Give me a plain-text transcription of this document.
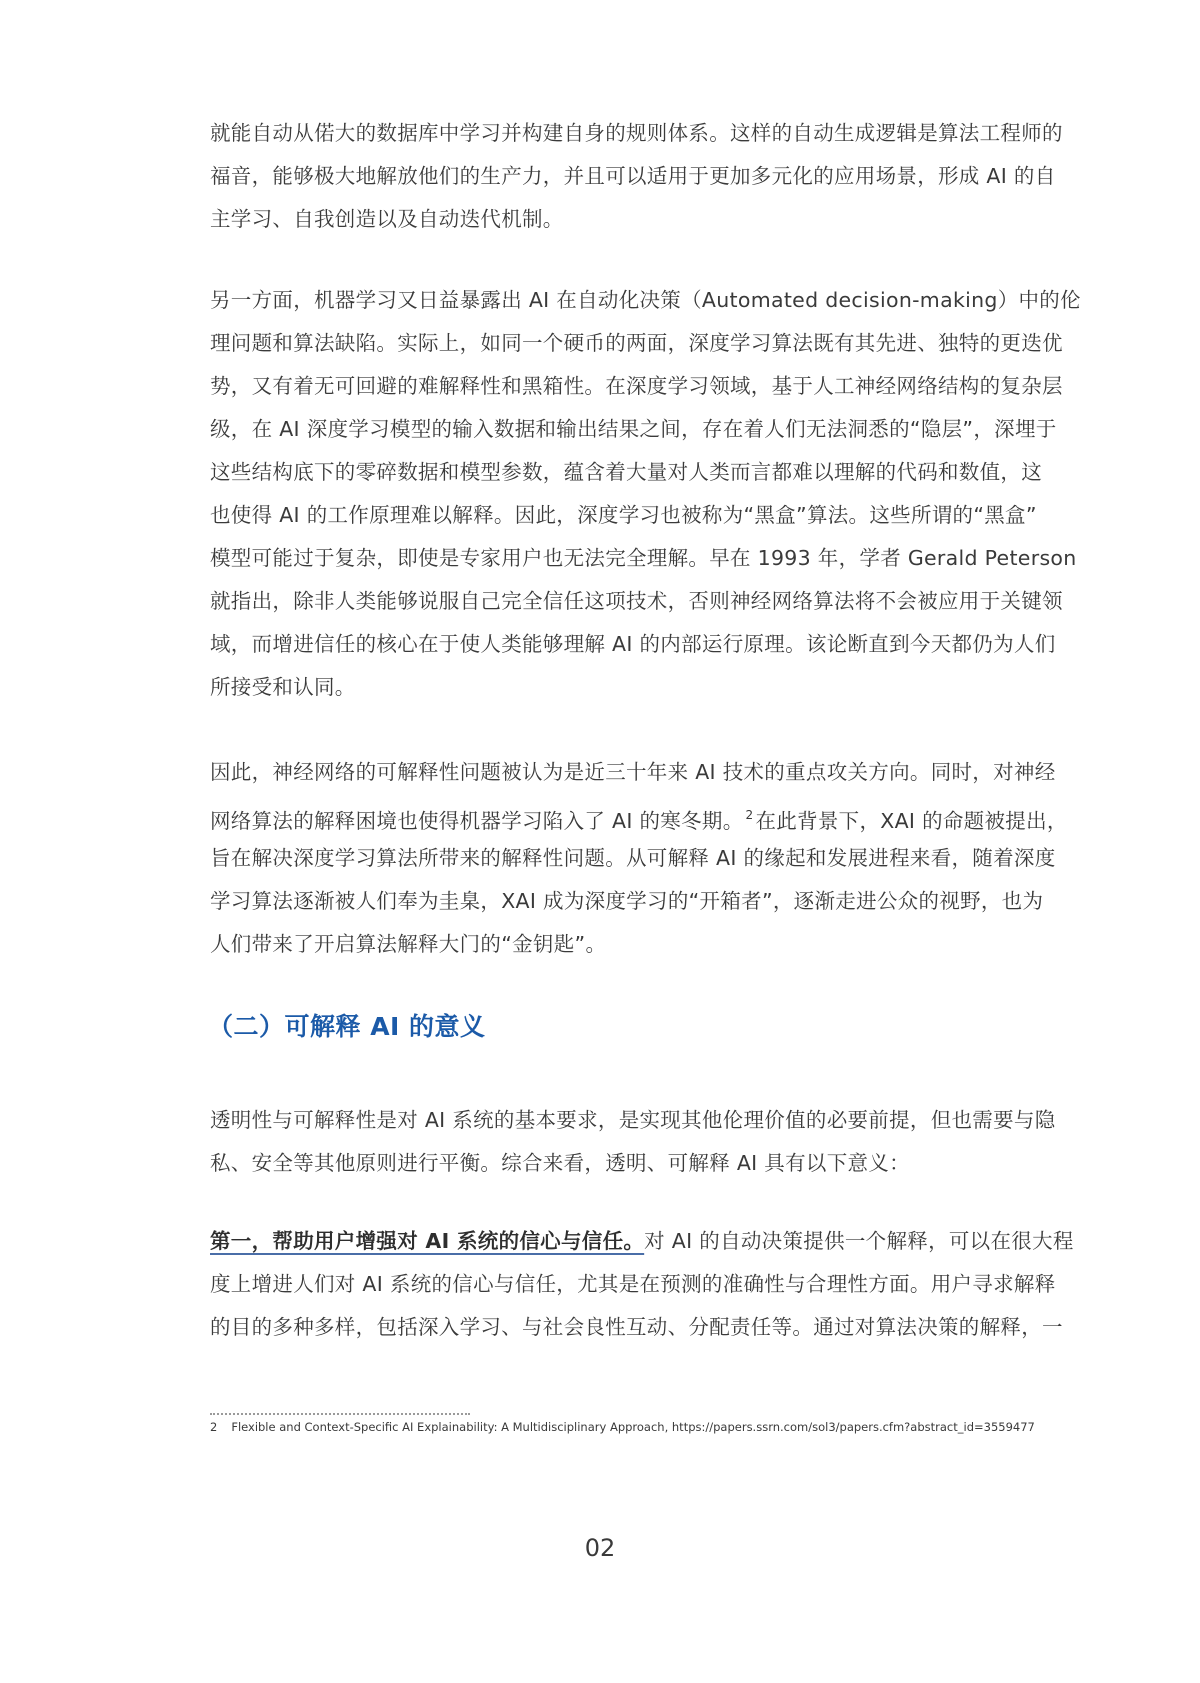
就能自动从偌大的数据库中学习并构建自身的规则体系。这样的自动生成逻辑是算法工程师的
福音，能够极大地解放他们的生产力，并且可以适用于更加多元化的应用场景，形成 AI 的自
主学习、自我创造以及自动迭代机制。
另一方面，机器学习又日益暴露出 AI 在自动化决策（Automated decision-making）中的伦
理问题和算法缺陷。实际上，如同一个硬币的两面，深度学习算法既有其先进、独特的更迭优
势，又有着无可回避的难解释性和黑箱性。在深度学习领域，基于人工神经网络结构的复杂层
级，在 AI 深度学习模型的输入数据和输出结果之间，存在着人们无法洞悉的“隐层”，深埋于
这些结构底下的零碎数据和模型参数，蕴含着大量对人类而言都难以理解的代码和数值，这
也使得 AI 的工作原理难以解释。因此，深度学习也被称为“黑盒”算法。这些所谓的“黑盒”
模型可能过于复杂，即使是专家用户也无法完全理解。早在 1993 年，学者 Gerald Peterson
就指出，除非人类能够说服自己完全信任这项技术，否则神经网络算法将不会被应用于关键领
域，而增进信任的核心在于使人类能够理解 AI 的内部运行原理。该论断直到今天都仍为人们
所接受和认同。
因此，神经网络的可解释性问题被认为是近三十年来 AI 技术的重点攻关方向。同时，对神经
网络算法的解释困境也使得机器学习陷入了 AI 的寒冬期。 $^2$在此背景下，XAI 的命题被提出，
旨在解决深度学习算法所带来的解释性问题。从可解释 AI 的缘起和发展进程来看，随着深度
学习算法逐渐被人们奉为圭臬，XAI 成为深度学习的“开箱者”，逐渐走进公众的视野，也为
人们带来了开启算法解释大门的“金钥匙”。
（二）可解释 AI 的意义
透明性与可解释性是对 AI 系统的基本要求，是实现其他伦理价值的必要前提，但也需要与隐
私、安全等其他原则进行平衡。综合来看，透明、可解释 AI 具有以下意义：
第一，帮助用户增强对 AI 系统的信心与信任。对 AI 的自动决策提供一个解释，可以在很大程
度上增进人们对 AI 系统的信心与信任，尤其是在预测的准确性与合理性方面。用户寻求解释
的目的多种多样，包括深入学习、与社会良性互动、分配责任等。通过对算法决策的解释，一
2 Flexible and Context-Specific AI Explainability: A Multidisciplinary Approach, https://papers.ssrn.com/sol3/papers.cfm?abstract_id=3559477
02
